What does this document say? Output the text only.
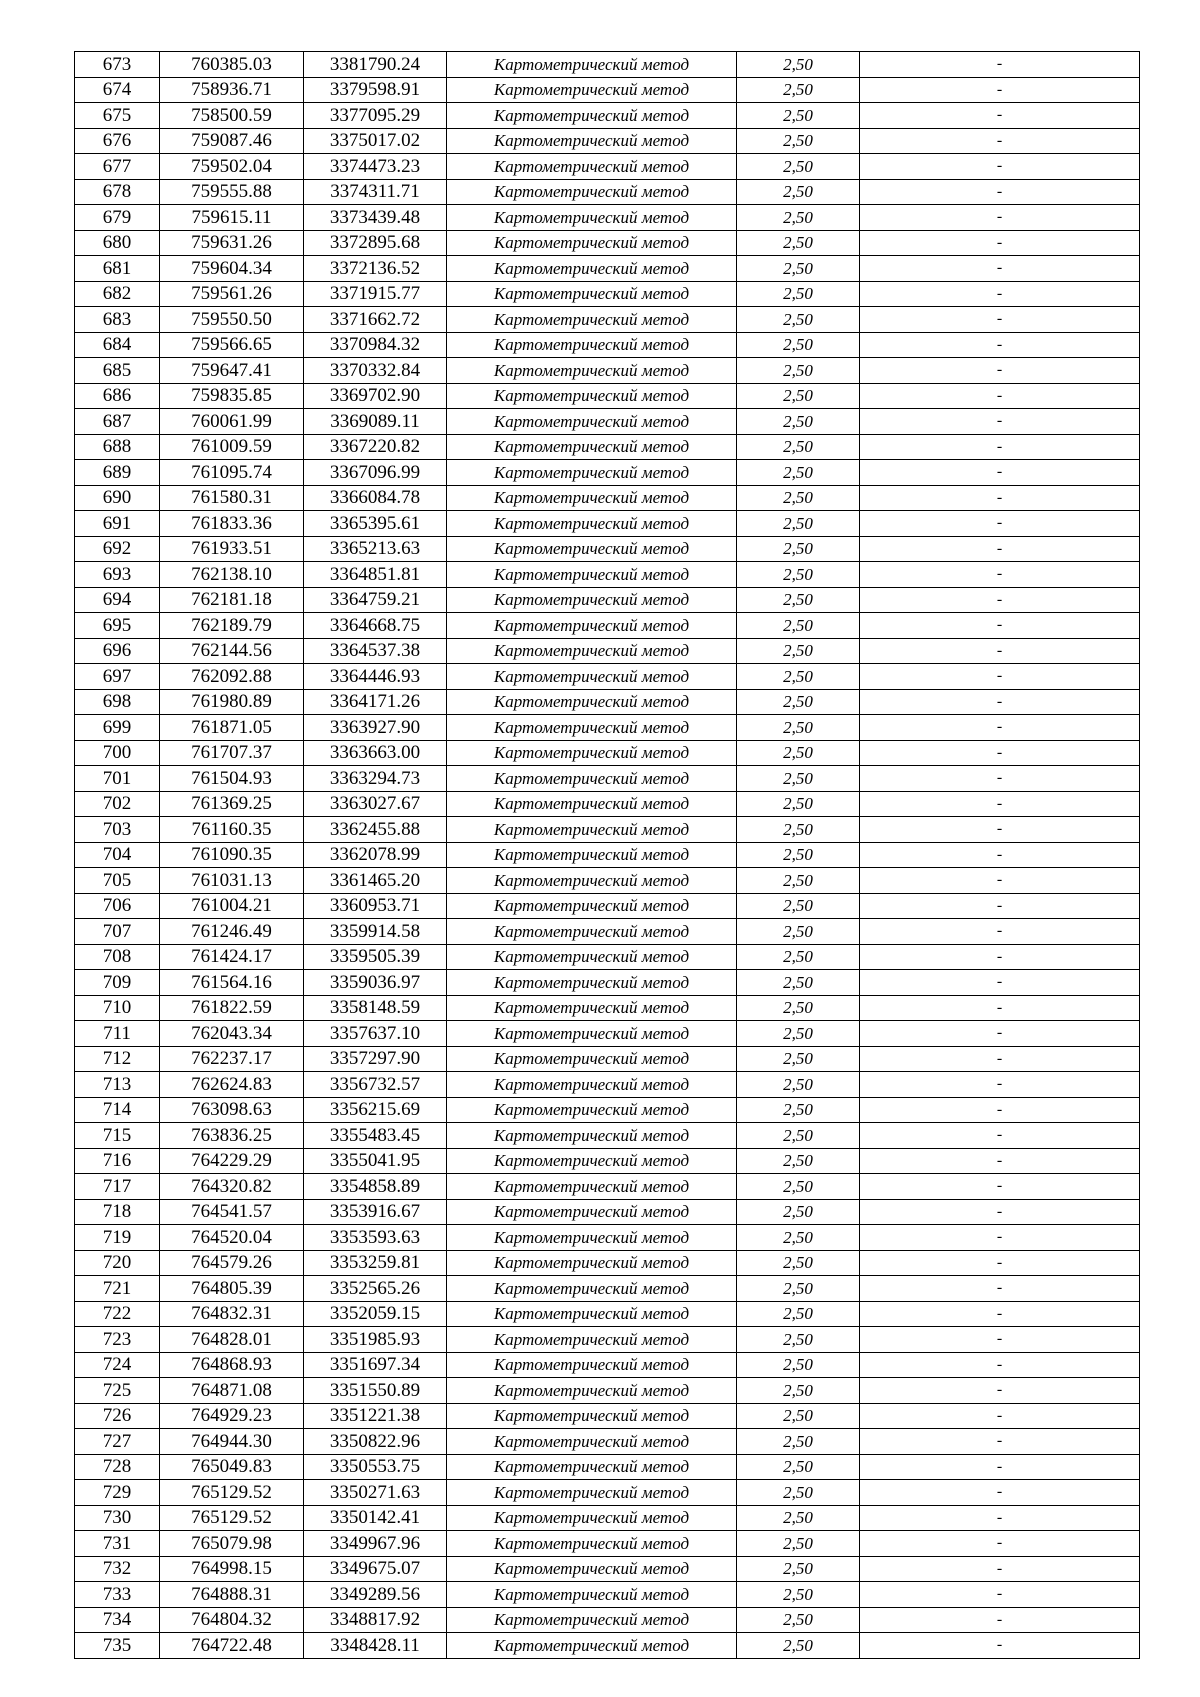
673	760385.03	3381790.24	Картометрический метод	2,50	-
674	758936.71	3379598.91	Картометрический метод	2,50	-
675	758500.59	3377095.29	Картометрический метод	2,50	-
676	759087.46	3375017.02	Картометрический метод	2,50	-
677	759502.04	3374473.23	Картометрический метод	2,50	-
678	759555.88	3374311.71	Картометрический метод	2,50	-
679	759615.11	3373439.48	Картометрический метод	2,50	-
680	759631.26	3372895.68	Картометрический метод	2,50	-
681	759604.34	3372136.52	Картометрический метод	2,50	-
682	759561.26	3371915.77	Картометрический метод	2,50	-
683	759550.50	3371662.72	Картометрический метод	2,50	-
684	759566.65	3370984.32	Картометрический метод	2,50	-
685	759647.41	3370332.84	Картометрический метод	2,50	-
686	759835.85	3369702.90	Картометрический метод	2,50	-
687	760061.99	3369089.11	Картометрический метод	2,50	-
688	761009.59	3367220.82	Картометрический метод	2,50	-
689	761095.74	3367096.99	Картометрический метод	2,50	-
690	761580.31	3366084.78	Картометрический метод	2,50	-
691	761833.36	3365395.61	Картометрический метод	2,50	-
692	761933.51	3365213.63	Картометрический метод	2,50	-
693	762138.10	3364851.81	Картометрический метод	2,50	-
694	762181.18	3364759.21	Картометрический метод	2,50	-
695	762189.79	3364668.75	Картометрический метод	2,50	-
696	762144.56	3364537.38	Картометрический метод	2,50	-
697	762092.88	3364446.93	Картометрический метод	2,50	-
698	761980.89	3364171.26	Картометрический метод	2,50	-
699	761871.05	3363927.90	Картометрический метод	2,50	-
700	761707.37	3363663.00	Картометрический метод	2,50	-
701	761504.93	3363294.73	Картометрический метод	2,50	-
702	761369.25	3363027.67	Картометрический метод	2,50	-
703	761160.35	3362455.88	Картометрический метод	2,50	-
704	761090.35	3362078.99	Картометрический метод	2,50	-
705	761031.13	3361465.20	Картометрический метод	2,50	-
706	761004.21	3360953.71	Картометрический метод	2,50	-
707	761246.49	3359914.58	Картометрический метод	2,50	-
708	761424.17	3359505.39	Картометрический метод	2,50	-
709	761564.16	3359036.97	Картометрический метод	2,50	-
710	761822.59	3358148.59	Картометрический метод	2,50	-
711	762043.34	3357637.10	Картометрический метод	2,50	-
712	762237.17	3357297.90	Картометрический метод	2,50	-
713	762624.83	3356732.57	Картометрический метод	2,50	-
714	763098.63	3356215.69	Картометрический метод	2,50	-
715	763836.25	3355483.45	Картометрический метод	2,50	-
716	764229.29	3355041.95	Картометрический метод	2,50	-
717	764320.82	3354858.89	Картометрический метод	2,50	-
718	764541.57	3353916.67	Картометрический метод	2,50	-
719	764520.04	3353593.63	Картометрический метод	2,50	-
720	764579.26	3353259.81	Картометрический метод	2,50	-
721	764805.39	3352565.26	Картометрический метод	2,50	-
722	764832.31	3352059.15	Картометрический метод	2,50	-
723	764828.01	3351985.93	Картометрический метод	2,50	-
724	764868.93	3351697.34	Картометрический метод	2,50	-
725	764871.08	3351550.89	Картометрический метод	2,50	-
726	764929.23	3351221.38	Картометрический метод	2,50	-
727	764944.30	3350822.96	Картометрический метод	2,50	-
728	765049.83	3350553.75	Картометрический метод	2,50	-
729	765129.52	3350271.63	Картометрический метод	2,50	-
730	765129.52	3350142.41	Картометрический метод	2,50	-
731	765079.98	3349967.96	Картометрический метод	2,50	-
732	764998.15	3349675.07	Картометрический метод	2,50	-
733	764888.31	3349289.56	Картометрический метод	2,50	-
734	764804.32	3348817.92	Картометрический метод	2,50	-
735	764722.48	3348428.11	Картометрический метод	2,50	-
